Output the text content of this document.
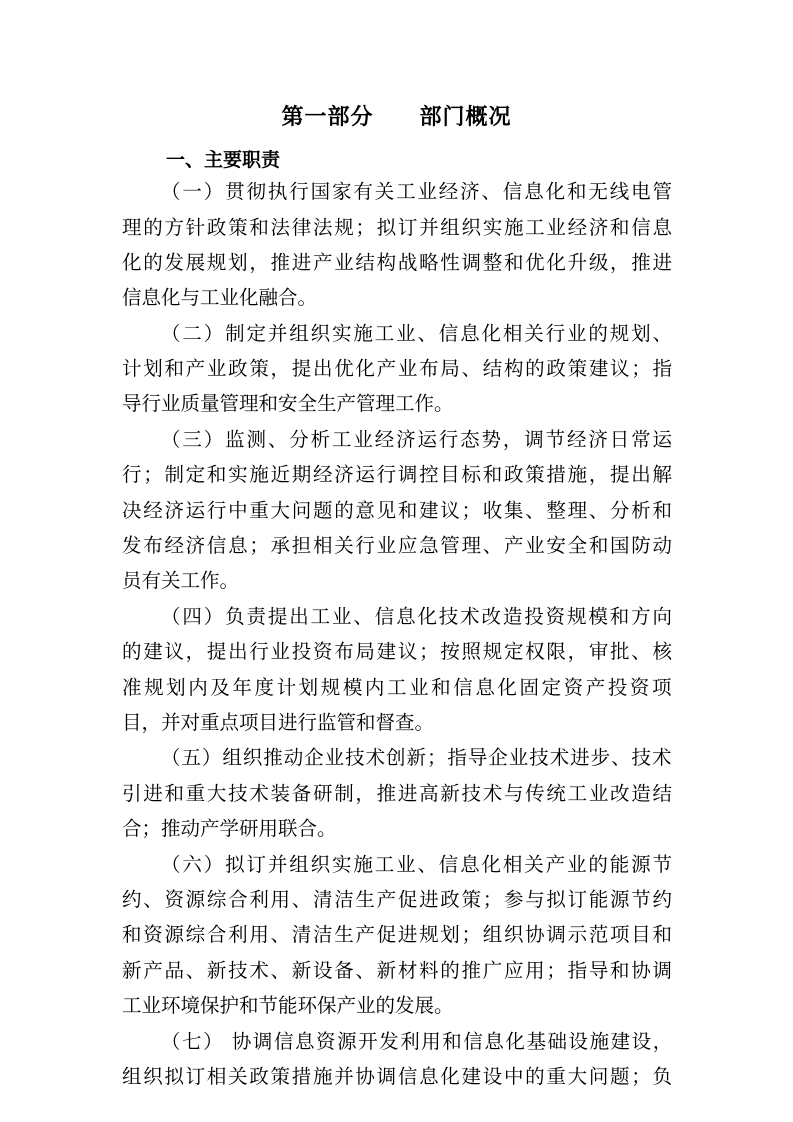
第一部分　　部门概况
一、主要职责
（一）贯彻执行国家有关工业经济、信息化和无线电管
理的方针政策和法律法规；拟订并组织实施工业经济和信息
化的发展规划，推进产业结构战略性调整和优化升级，推进
信息化与工业化融合。
（二）制定并组织实施工业、信息化相关行业的规划、
计划和产业政策，提出优化产业布局、结构的政策建议；指
导行业质量管理和安全生产管理工作。
（三）监测、分析工业经济运行态势，调节经济日常运
行；制定和实施近期经济运行调控目标和政策措施，提出解
决经济运行中重大问题的意见和建议；收集、整理、分析和
发布经济信息；承担相关行业应急管理、产业安全和国防动
员有关工作。
（四）负责提出工业、信息化技术改造投资规模和方向
的建议，提出行业投资布局建议；按照规定权限，审批、核
准规划内及年度计划规模内工业和信息化固定资产投资项
目，并对重点项目进行监管和督查。
（五）组织推动企业技术创新；指导企业技术进步、技术
引进和重大技术装备研制，推进高新技术与传统工业改造结
合；推动产学研用联合。
（六）拟订并组织实施工业、信息化相关产业的能源节
约、资源综合利用、清洁生产促进政策；参与拟订能源节约
和资源综合利用、清洁生产促进规划；组织协调示范项目和
新产品、新技术、新设备、新材料的推广应用；指导和协调
工业环境保护和节能环保产业的发展。
（七） 协调信息资源开发利用和信息化基础设施建设，
组织拟订相关政策措施并协调信息化建设中的重大问题；负
